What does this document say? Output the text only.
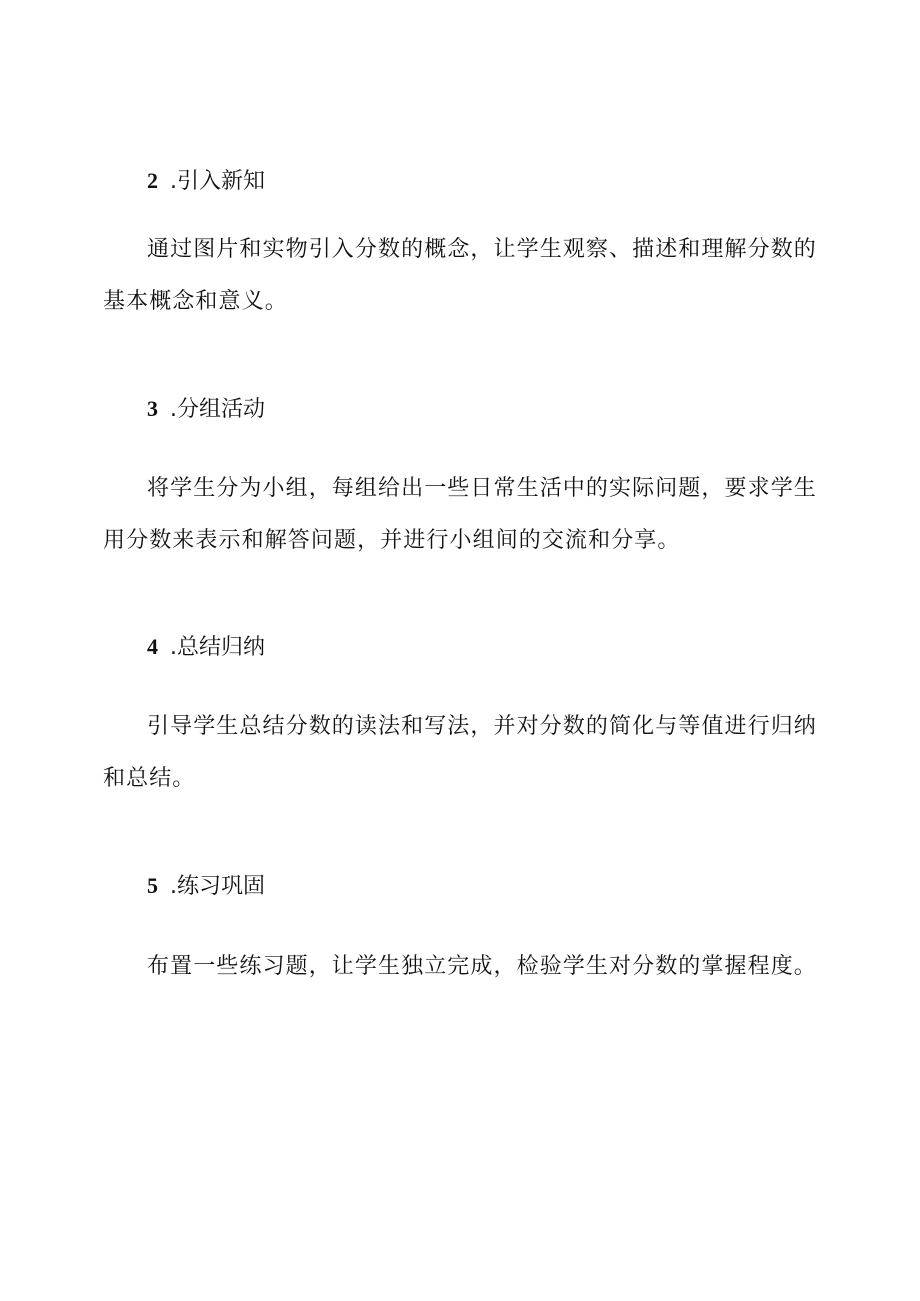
2 .引入新知
通过图片和实物引入分数的概念，让学生观察、描述和理解分数的基本概念和意义。
3 .分组活动
将学生分为小组，每组给出一些日常生活中的实际问题，要求学生用分数来表示和解答问题，并进行小组间的交流和分享。
4 .总结归纳
引导学生总结分数的读法和写法，并对分数的简化与等值进行归纳和总结。
5 .练习巩固
布置一些练习题，让学生独立完成，检验学生对分数的掌握程度。
